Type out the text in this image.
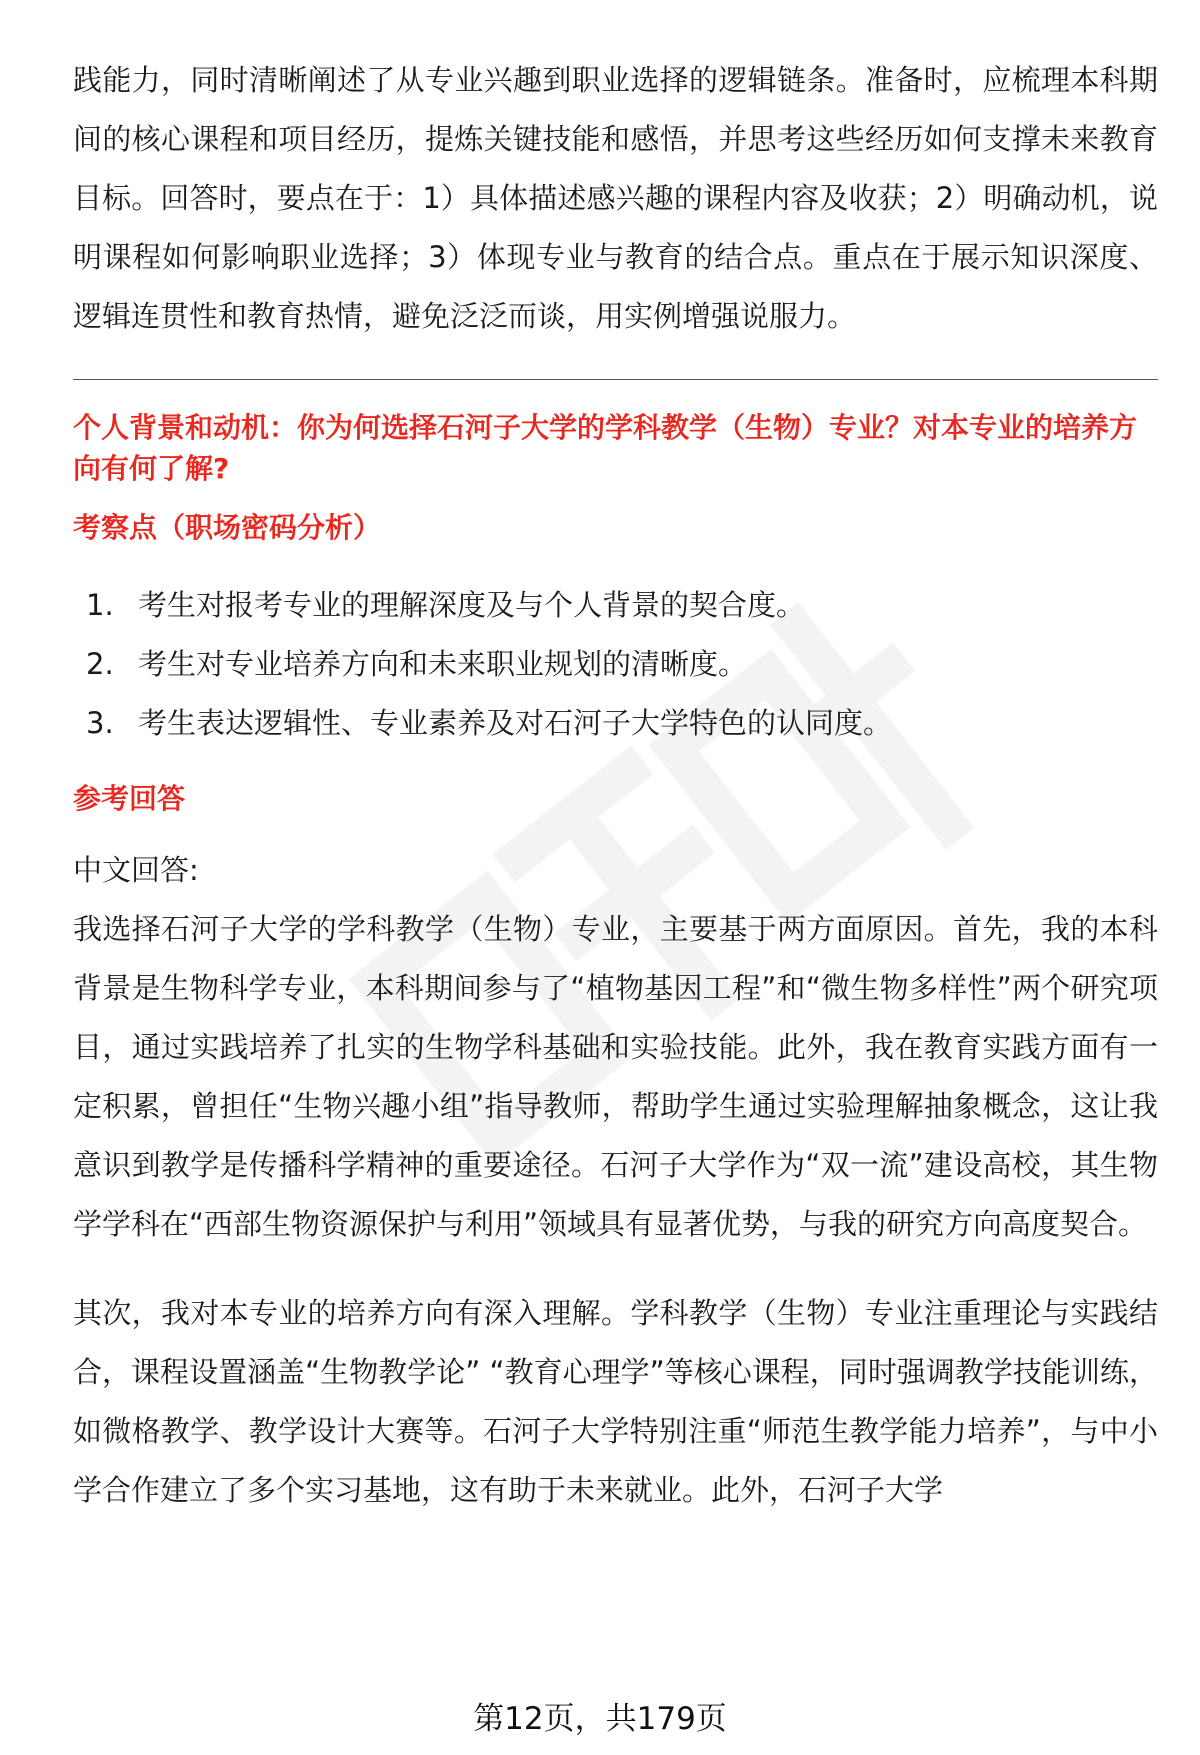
践能力，同时清晰阐述了从专业兴趣到职业选择的逻辑链条。准备时，应梳理本科期间的核心课程和项目经历，提炼关键技能和感悟，并思考这些经历如何支撑未来教育目标。回答时，要点在于：1）具体描述感兴趣的课程内容及收获；2）明确动机，说明课程如何影响职业选择；3）体现专业与教育的结合点。重点在于展示知识深度、逻辑连贯性和教育热情，避免泛泛而谈，用实例增强说服力。

个人背景和动机：你为何选择石河子大学的学科教学（生物）专业？对本专业的培养方向有何了解?

考察点（职场密码分析）

1. 考生对报考专业的理解深度及与个人背景的契合度。
2. 考生对专业培养方向和未来职业规划的清晰度。
3. 考生表达逻辑性、专业素养及对石河子大学特色的认同度。

参考回答

中文回答:

我选择石河子大学的学科教学（生物）专业，主要基于两方面原因。首先，我的本科背景是生物科学专业，本科期间参与了“植物基因工程”和“微生物多样性”两个研究项目，通过实践培养了扎实的生物学科基础和实验技能。此外，我在教育实践方面有一定积累，曾担任“生物兴趣小组”指导教师，帮助学生通过实验理解抽象概念，这让我意识到教学是传播科学精神的重要途径。石河子大学作为“双一流”建设高校，其生物学学科在“西部生物资源保护与利用”领域具有显著优势，与我的研究方向高度契合。

其次，我对本专业的培养方向有深入理解。学科教学（生物）专业注重理论与实践结合，课程设置涵盖“生物教学论” “教育心理学”等核心课程，同时强调教学技能训练，如微格教学、教学设计大赛等。石河子大学特别注重“师范生教学能力培养”，与中小学合作建立了多个实习基地，这有助于未来就业。此外，石河子大学

第12页，共179页
